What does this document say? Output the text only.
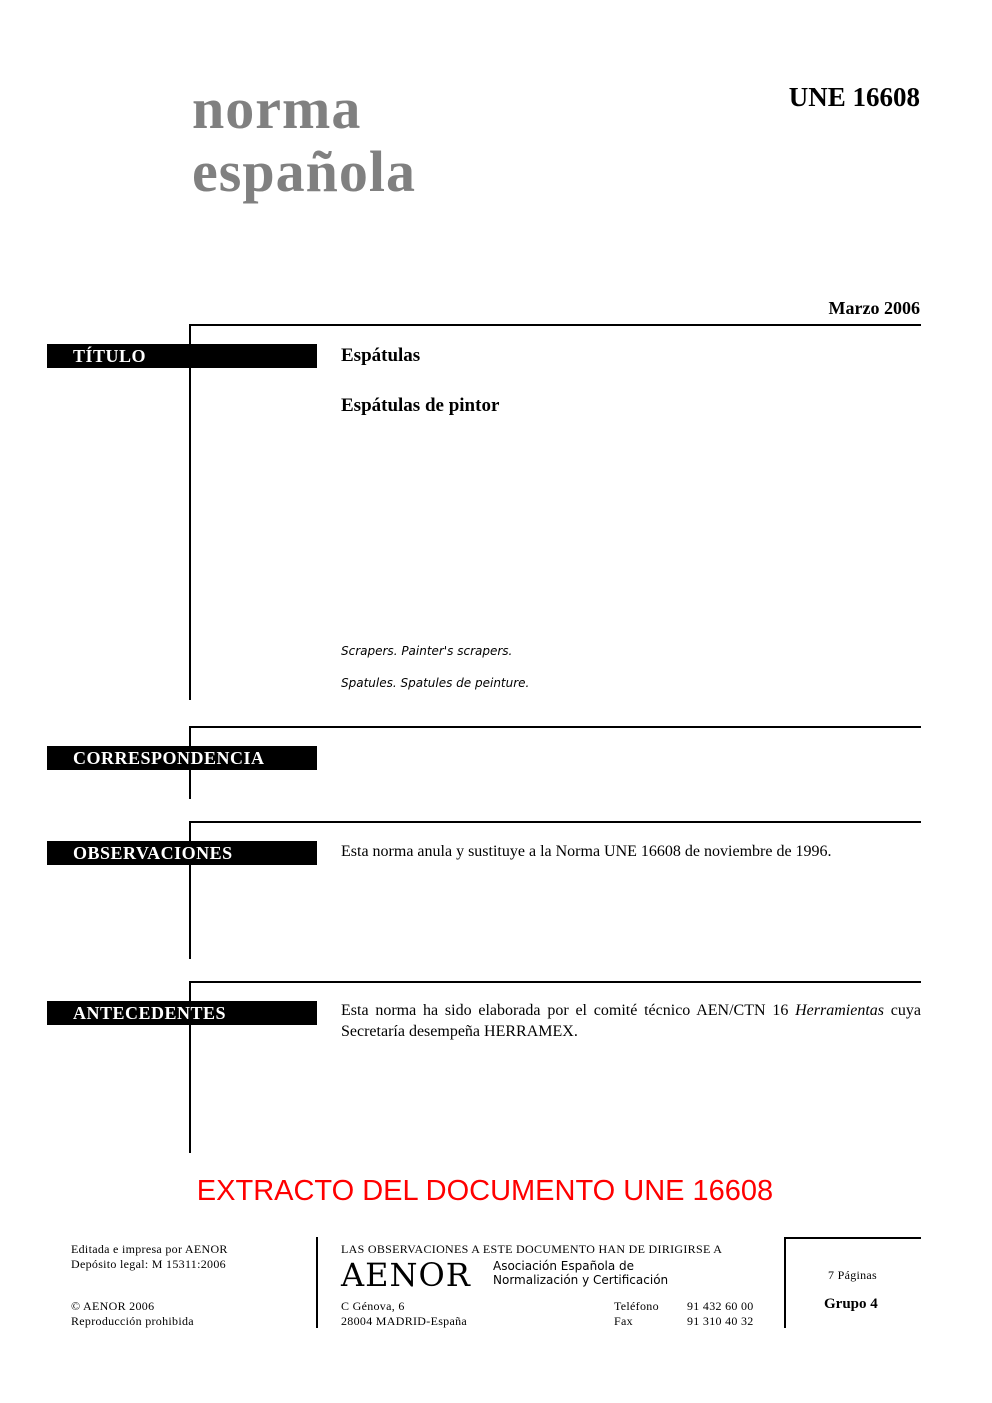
norma
española
UNE 16608
Marzo 2006
TÍTULO	Espátulas
Espátulas de pintor
Scrapers. Painter's scrapers.
Spatules. Spatules de peinture.
CORRESPONDENCIA
OBSERVACIONES	Esta norma anula y sustituye a la Norma UNE 16608 de noviembre de 1996.
ANTECEDENTES	Esta norma ha sido elaborada por el comité técnico AEN/CTN 16 Herramientas cuya Secretaría desempeña HERRAMEX.
EXTRACTO DEL DOCUMENTO UNE 16608
Editada e impresa por AENOR
Depósito legal: M 15311:2006
© AENOR 2006
Reproducción prohibida
LAS OBSERVACIONES A ESTE DOCUMENTO HAN DE DIRIGIRSE A
AENOR Asociación Española de
Normalización y Certificación
C Génova, 6
28004 MADRID-España
Teléfono 91 432 60 00
Fax	91 310 40 32
7 Páginas
Grupo 4
